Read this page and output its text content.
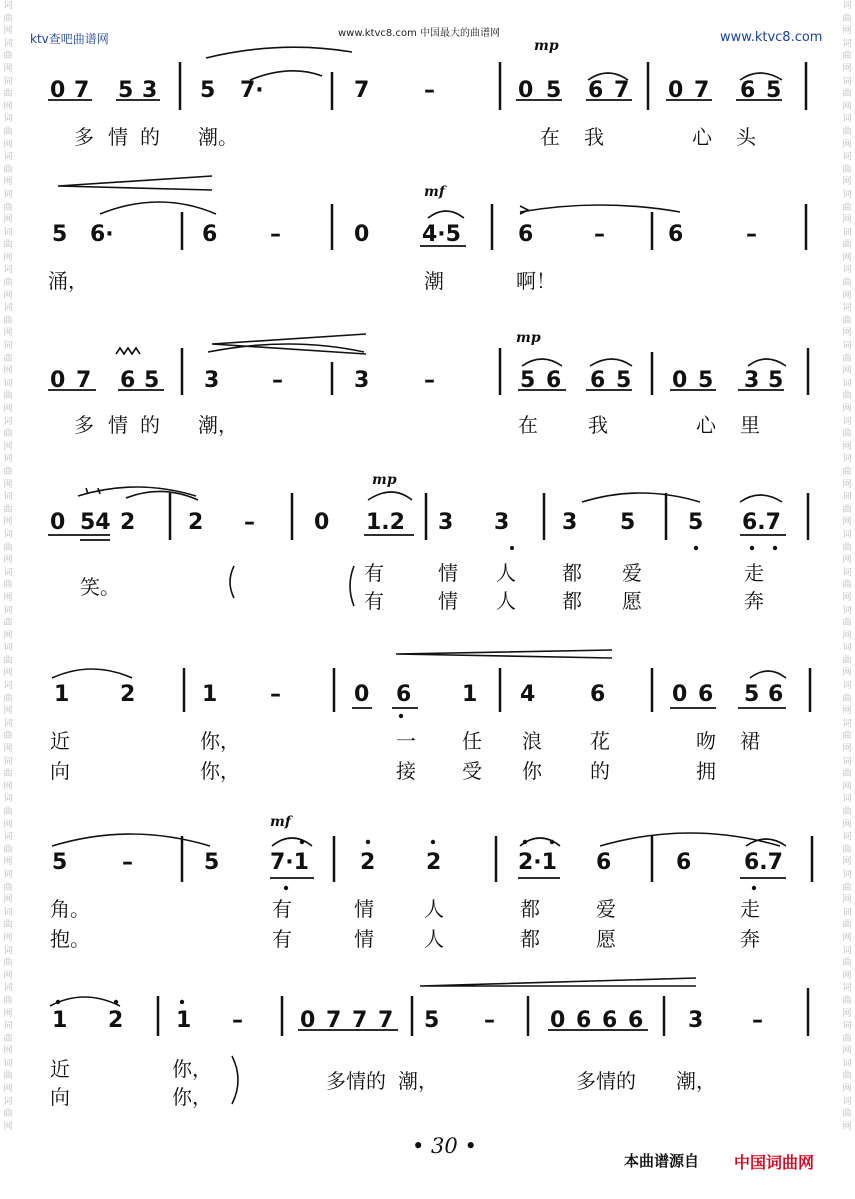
词曲网词曲网词曲网词曲网词曲网词曲网词曲网词曲网词曲网词曲网词曲网词曲网词曲网词曲网词曲网词曲网词曲网词曲网词曲网词曲网词曲网词曲网词曲网词曲网词曲网词曲网词曲网词曲网词曲网词曲网
词曲网词曲网词曲网词曲网词曲网词曲网词曲网词曲网词曲网词曲网词曲网词曲网词曲网词曲网词曲网词曲网词曲网词曲网词曲网词曲网词曲网词曲网词曲网词曲网词曲网词曲网词曲网词曲网词曲网词曲网
ktv查吧曲谱网	www.ktvc8.com 中国最大的曲谱网	www.ktvc8.com
mp
0 7 5 3 5 7·	7 –	0 5 6 7 0 7 6 5
多 情 的 潮。	在 我	心 头
mf
5 6·	6 –	0 4·5	6	–	6	–
涌，	潮	啊！
mp
0 7 6 5 3 –	3 –	5 6 6 5 0 5 3 5
多 情 的 潮，	在	我	心 里
mp
0 54 2 2 –	0 1.2 3 3 3 5 5 6.7
笑。
有	情 人 都 爱	走
有	情 人 都 愿	奔
1 2	1 –	0 6 1 4 6	0 6 5 6
近	你，	一 任 浪 花	吻 裙
向	你，	接 受 你 的	拥
mf
5 –	5 7·1 2 2	2·1 6	6 6.7
角。	有	情	人	都	爱	走
抱。	有	情	人	都	愿	奔
1 2 1 –	0 7 7 7 5 –	0 6 6 6 3 –
近	你，	多情的 潮，	多情的 潮，
向	你，
• 30 •
本曲谱源自 中国词曲网
